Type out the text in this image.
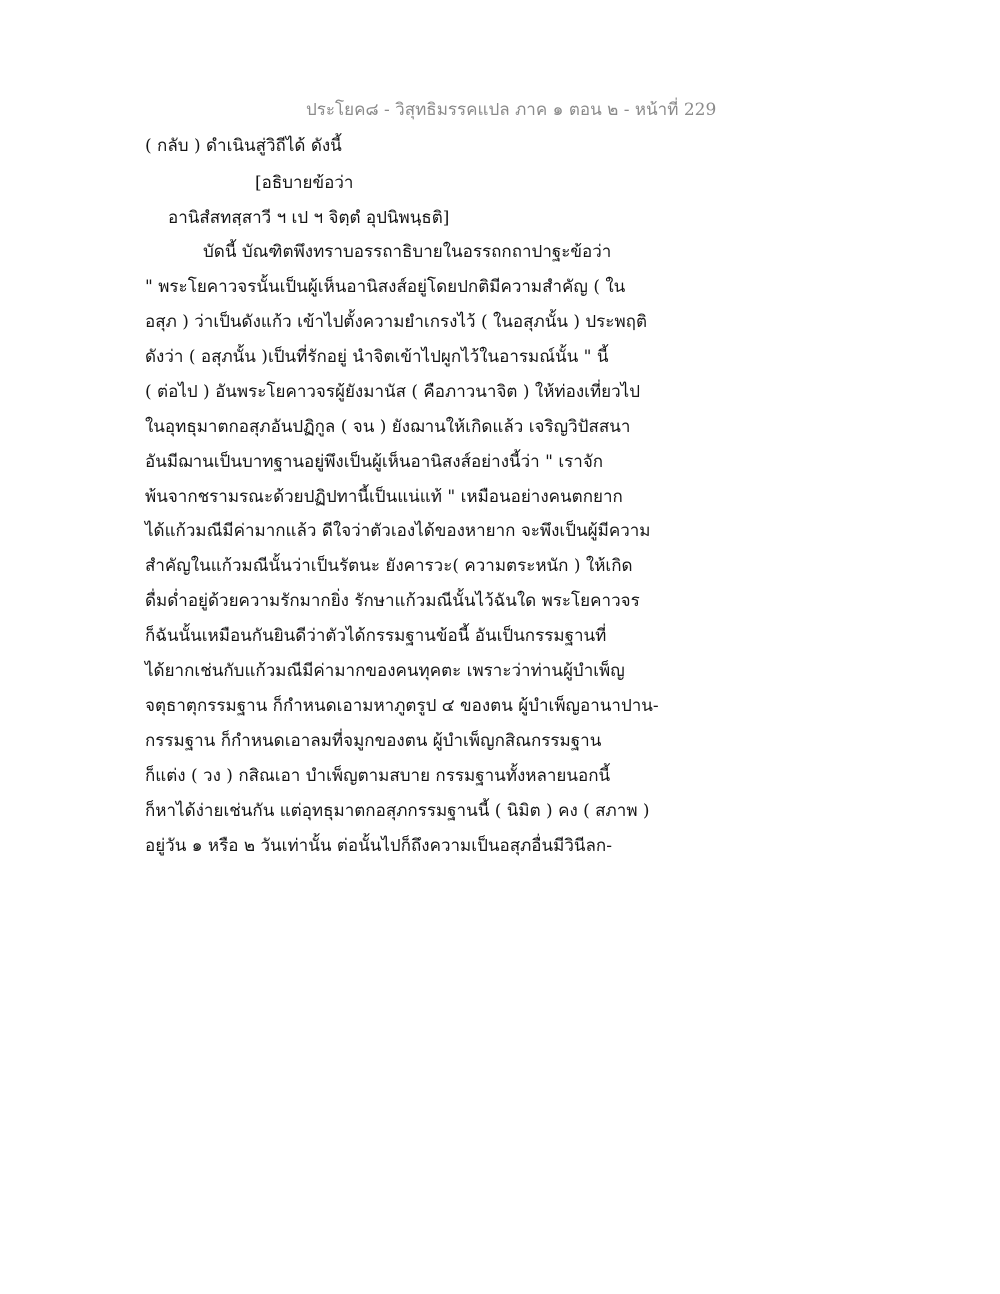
ประโยค๘ - วิสุทธิมรรคแปล ภาค ๑ ตอน ๒ - หน้าที่ 229
( กลับ ) ดำเนินสู่วิถีได้ ดังนี้
[อธิบายข้อว่า
อานิสํสทสฺสาวี ฯ เป ฯ จิตฺตํ อุปนิพนฺธติ]
บัดนี้ บัณฑิตพึงทราบอรรถาธิบายในอรรถกถาปาฐะข้อว่า
" พระโยคาวจรนั้นเป็นผู้เห็นอานิสงส์อยู่โดยปกติมีความสำคัญ ( ใน
อสุภ ) ว่าเป็นดังแก้ว เข้าไปตั้งความยำเกรงไว้ ( ในอสุภนั้น ) ประพฤติ
ดังว่า ( อสุภนั้น )เป็นที่รักอยู่ นำจิตเข้าไปผูกไว้ในอารมณ์นั้น " นี้
( ต่อไป ) อันพระโยคาวจรผู้ยังมานัส ( คือภาวนาจิต ) ให้ท่องเที่ยวไป
ในอุทธุมาตกอสุภอันปฏิกูล ( จน ) ยังฌานให้เกิดแล้ว เจริญวิปัสสนา
อันมีฌานเป็นบาทฐานอยู่พึงเป็นผู้เห็นอานิสงส์อย่างนี้ว่า " เราจัก
พ้นจากชรามรณะด้วยปฏิปทานี้เป็นแน่แท้ " เหมือนอย่างคนตกยาก
ได้แก้วมณีมีค่ามากแล้ว ดีใจว่าตัวเองได้ของหายาก จะพึงเป็นผู้มีความ
สำคัญในแก้วมณีนั้นว่าเป็นรัตนะ ยังคารวะ( ความตระหนัก ) ให้เกิด
ดื่มด่ำอยู่ด้วยความรักมากยิ่ง รักษาแก้วมณีนั้นไว้ฉันใด พระโยคาวจร
ก็ฉันนั้นเหมือนกันยินดีว่าตัวได้กรรมฐานข้อนี้ อันเป็นกรรมฐานที่
ได้ยากเช่นกับแก้วมณีมีค่ามากของคนทุคตะ เพราะว่าท่านผู้บำเพ็ญ
จตุธาตุกรรมฐาน ก็กำหนดเอามหาภูตรูป ๔ ของตน ผู้บำเพ็ญอานาปาน-
กรรมฐาน ก็กำหนดเอาลมที่จมูกของตน ผู้บำเพ็ญกสิณกรรมฐาน
ก็แต่ง ( วง ) กสิณเอา บำเพ็ญตามสบาย กรรมฐานทั้งหลายนอกนี้
ก็หาได้ง่ายเช่นกัน แต่อุทธุมาตกอสุภกรรมฐานนี้ ( นิมิต ) คง ( สภาพ )
อยู่วัน ๑ หรือ ๒ วันเท่านั้น ต่อนั้นไปก็ถึงความเป็นอสุภอื่นมีวินีลก-
